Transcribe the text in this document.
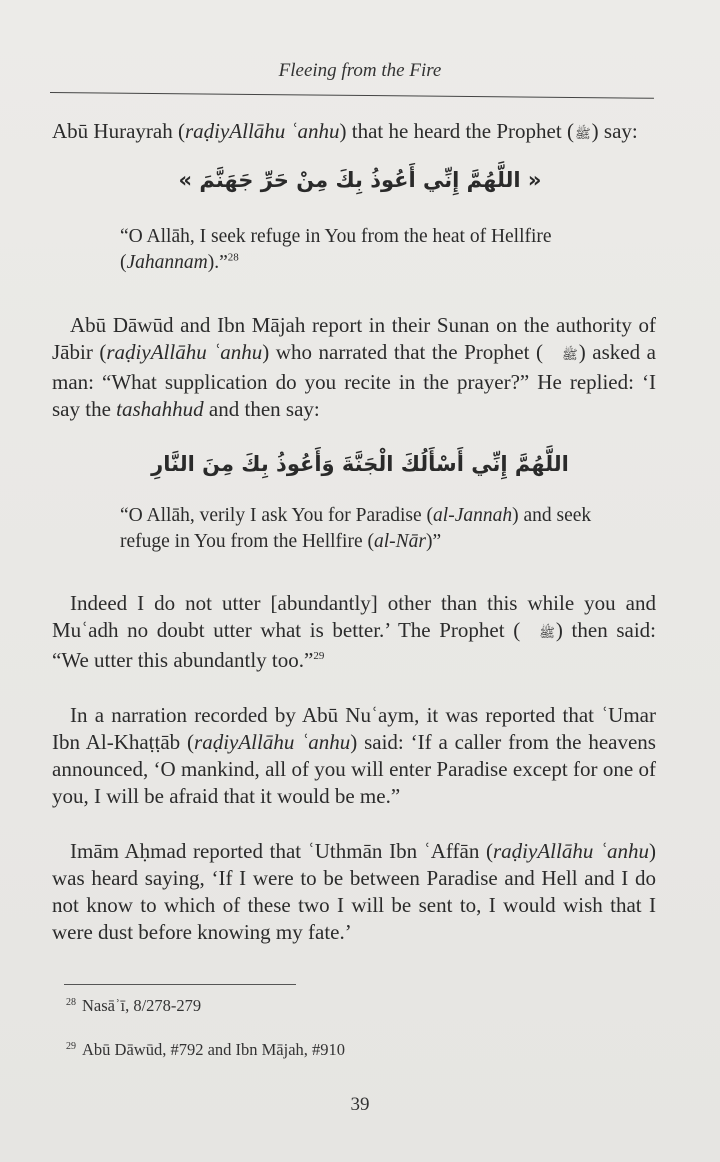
Fleeing from the Fire
Abū Hurayrah (raḍiyAllāhu ʿanhu) that he heard the Prophet (ﷺ) say:
« اللَّهُمَّ إِنِّي أَعُوذُ بِكَ مِنْ حَرِّ جَهَنَّمَ »
“O Allāh, I seek refuge in You from the heat of Hellfire (Jahannam).”$^{28}$
Abū Dāwūd and Ibn Mājah report in their Sunan on the authority of Jābir (raḍiyAllāhu ʿanhu) who narrated that the Prophet ( ﷺ) asked a man: “What supplication do you recite in the prayer?” He replied: ‘I say the tashahhud and then say:
اللَّهُمَّ إِنِّي أَسْأَلُكَ الْجَنَّةَ وَأَعُوذُ بِكَ مِنَ النَّارِ
“O Allāh, verily I ask You for Paradise (al-Jannah) and seek refuge in You from the Hellfire (al-Nār)”
Indeed I do not utter [abundantly] other than this while you and Muʿadh no doubt utter what is better.’ The Prophet ( ﷺ) then said: “We utter this abundantly too.”$^{29}$
In a narration recorded by Abū Nuʿaym, it was reported that ʿUmar Ibn Al-Khaṭṭāb (raḍiyAllāhu ʿanhu) said: ‘If a caller from the heavens announced, ‘O mankind, all of you will enter Paradise except for one of you, I will be afraid that it would be me.”
Imām Aḥmad reported that ʿUthmān Ibn ʿAffān (raḍiyAllāhu ʿanhu) was heard saying, ‘If I were to be between Paradise and Hell and I do not know to which of these two I will be sent to, I would wish that I were dust before knowing my fate.’
$^{28}$ Nasāʾī, 8/278-279
$^{29}$ Abū Dāwūd, #792 and Ibn Mājah, #910
39
